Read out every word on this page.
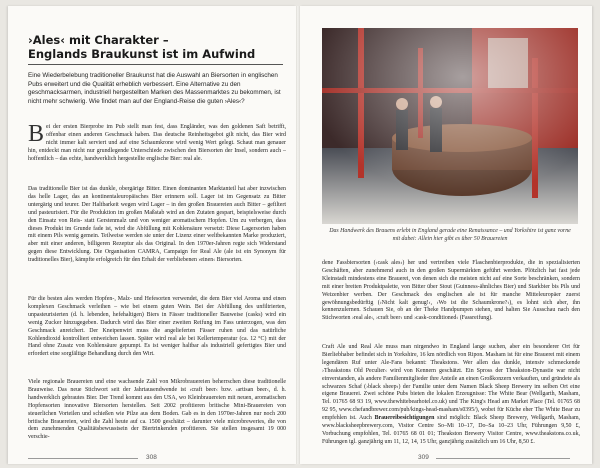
›Ales‹ mit Charakter –
Englands Braukunst ist im Aufwind
Eine Wiederbelebung traditioneller Braukunst hat die Auswahl an Biersorten in englischen Pubs erweitert und die Qualität erheblich verbessert. Eine Alternative zu den geschmacksarmen, industriell hergestellten Marken des Massenmarktes zu bekommen, ist nicht mehr schwierig. Wie findet man auf der England-Reise die guten ›Ales‹?

Bei der ersten Bierprobe im Pub stellt man fest, dass Engländer, was den goldenen Saft betrifft, offenbar einen anderen Geschmack haben. Das deutsche Reinheitsgebot gilt nicht, das Bier wird nicht immer kalt serviert und auf eine Schaumkrone wird wenig Wert gelegt. Schaut man genauer hin, entdeckt man nicht nur grundlegende Unterschiede zwischen den Biersorten der Insel, sondern auch – hoffentlich – das echte, handwerklich hergestellte englische Bier: real ale.

Das traditionelle Bier ist das dunkle, obergärige Bitter. Einen dominanten Marktanteil hat aber inzwischen das helle Lager, das an kontinentaleuropäisches Bier erinnern soll. Lager ist im Gegensatz zu Bitter untergärig und teurer. Der Haltbarkeit wegen wird Lager – in den großen Brauereien auch Bitter – gefiltert und pasteurisiert. Für die Produktion im großen Maßstab wird an den Zutaten gespart, beispielsweise durch den Einsatz von Reis- statt Gerstenmalz und von weniger aromatischem Hopfen. Um zu verbergen, dass dieses Produkt im Grunde fade ist, wird die Abfüllung mit Kohlensäure versetzt: Diese Lagersorten haben mit einem Pils wenig gemein. Teilweise werden sie unter der Lizenz einer weltbekannten Marke produziert, aber mit einer anderen, billigeren Rezeptur als das Original. In den 1970er-Jahren regte sich Widerstand gegen diese Entwicklung. Die Organisation CAMRA, Campaign for Real Ale (ale ist ein Synonym für traditionelles Bier), kämpfte erfolgreich für den Erhalt der verbliebenen ›einen‹ Biersorten.
Für die besten ales werden Hopfen-, Malz- und Hefesorten verwendet, die dem Bier viel Aroma und einen komplexen Geschmack verleihen – wie bei einem guten Wein. Bei der Abfüllung des unfiltrierten, unpasteurisierten (d. h. lebenden, hefehaltigen) Biers in Fässer traditioneller Bauweise (casks) wird ein wenig Zucker hinzugegeben. Dadurch wird das Bier einer zweiten Reifung im Fass unterzogen, was den Geschmack anreichert. Der Kneipenwirt muss die angelieferten Fässer ruhen und das natürliche Kohlendioxid kontrolliert entweichen lassen. Später wird real ale bei Kellertemperatur (ca. 12 °C) mit der Hand ohne Zusatz von Kohlensäure gepumpt. Es ist weniger haltbar als industriell gefertigtes Bier und erfordert eine sorgfältige Behandlung durch den Wirt.
Viele regionale Brauereien und eine wachsende Zahl von Mikrobrauereien beherrschen diese traditionelle Brauweise. Das neue Stichwort seit der Jahrtausendwende ist ›craft beer‹ bzw. ›artisan beer‹, d. h. handwerklich gebrautes Bier. Der Trend kommt aus den USA, wo Kleinbrauereien mit neuen, aromatischen Hopfensorten innovative Biersorten herstellen. Seit 2002 profitieren britische Mini-Brauereien von steuerlichen Vorteilen und schießen wie Pilze aus dem Boden. Gab es in den 1970er-Jahren nur noch 200 britische Brauereien, wird die Zahl heute auf ca. 1500 geschätzt – darunter viele microbreweries, die von dem zunehmenden Qualitätsbewusstsein der Biertrinkenden profitieren. Sie stellen insgesamt 19 000 verschie-
308
Das Handwerk des Brauens erlebt in England gerade eine Renaissance – und Yorkshire ist ganz vorne mit dabei: Allein hier gibt es über 50 Brauereien
dene Fassbiersorten (›cask ales‹) her und vertreiben viele Flaschenbierprodukte, die in spezialisierten Geschäften, aber zunehmend auch in den großen Supermärkten geführt werden. Plötzlich hat fast jede Kleinstadt mindestens eine Brauerei, von denen sich die meisten nicht auf eine Sorte beschränken, sondern mit einer breiten Produktpalette, von Bitter über Stout (Guinness-ähnliches Bier) und Starkbier bis Pils und Weizenbier werben. Der Geschmack des englischen ale ist für manche Mitteleuropäer zuerst gewöhnungsbedürftig (›Nicht kalt genug!‹, ›Wo ist die Schaumkrone?‹), es lohnt sich aber, ihn kennenzulernen. Schauen Sie, ob an der Theke Handpumpen stehen, und halten Sie Ausschau nach den Stichworten ›real ale‹, ›craft beer‹ und ›cask-conditioned‹ (Fassreifung).
Craft Ale und Real Ale muss man nirgendwo in England lange suchen, aber ein besonderer Ort für Bierliebhaber befindet sich in Yorkshire, 16 km nördlich von Ripon. Masham ist für eine Brauerei mit einem legendären Ruf unter Ale-Fans bekannt: Theakstons. Wer allen das dunkle, intensiv schmeckende ›Theakstons Old Peculier‹ wird von Kennern geschätzt. Ein Spross der Theakston-Dynastie war nicht einverstanden, als andere Familienmitglieder ihre Anteile an einen Großkonzern verkauften, und gründete als schwarzes Schaf (›black sheep‹) der Familie unter dem Namen Black Sheep Brewery im selben Ort eine eigene Brauerei. Zwei schöne Pubs bieten die lokalen Erzeugnisse: The White Bear (Wellgarth, Masham, Tel. 01765 68 93 19, www.thewhitebearhotel.co.uk) und The King's Head am Market Place (Tel. 01765 68 92 95, www.chefandbrewer.com/pub/kings-head-masham/s0395/), wobei für Küche eher The White Bear zu empfehlen ist. Auch Brauereibesichtigungen sind möglich: Black Sheep Brewery, Wellgarth, Masham, www.blacksheepbrewery.com, Visitor Centre So–Mi 10–17, Do–Sa 10–23 Uhr, Führungen 9,50 £, Vorbuchung empfohlen, Tel. 01765 68 01 01; Theakston Brewery Visitor Centre, www.theakstons.co.uk, Führungen tgl. ganzjährig um 11, 12, 14, 15 Uhr, ganzjährig zusätzlich um 16 Uhr, 8,50 £.
309
